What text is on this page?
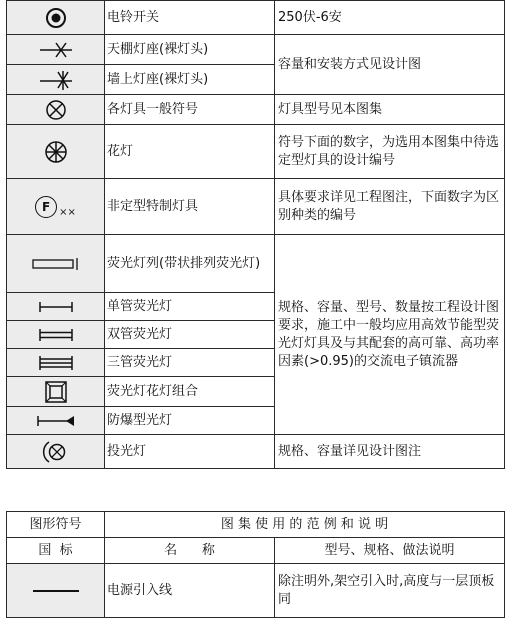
	电铃开关	250伏-6安

	天棚灯座(裸灯头)	容量和安装方式见设计图

	墙上灯座(裸灯头)	

	各灯具一般符号	灯具型号见本图集

	花灯	符号下面的数字，为选用本图集中待选定型灯具的设计编号

F ××	非定型特制灯具	具体要求详见工程图注，下面数字为区别种类的编号

	荧光灯列(带状排列荧光灯)	规格、容量、型号、数量按工程设计图要求，施工中一般均应用高效节能型荧光灯灯具及与其配套的高可靠、高功率因素(>0.95)的交流电子镇流器

	单管荧光灯	

	双管荧光灯	

	三管荧光灯	

	荧光灯花灯组合	

	防爆型光灯	

	投光灯	规格、容量详见设计图注
图形符号	图 集 使 用 的 范 例 和 说 明	
国  标	名      称	型号、规格、做法说明

	电源引入线	除注明外,架空引入时,高度与一层顶板同
